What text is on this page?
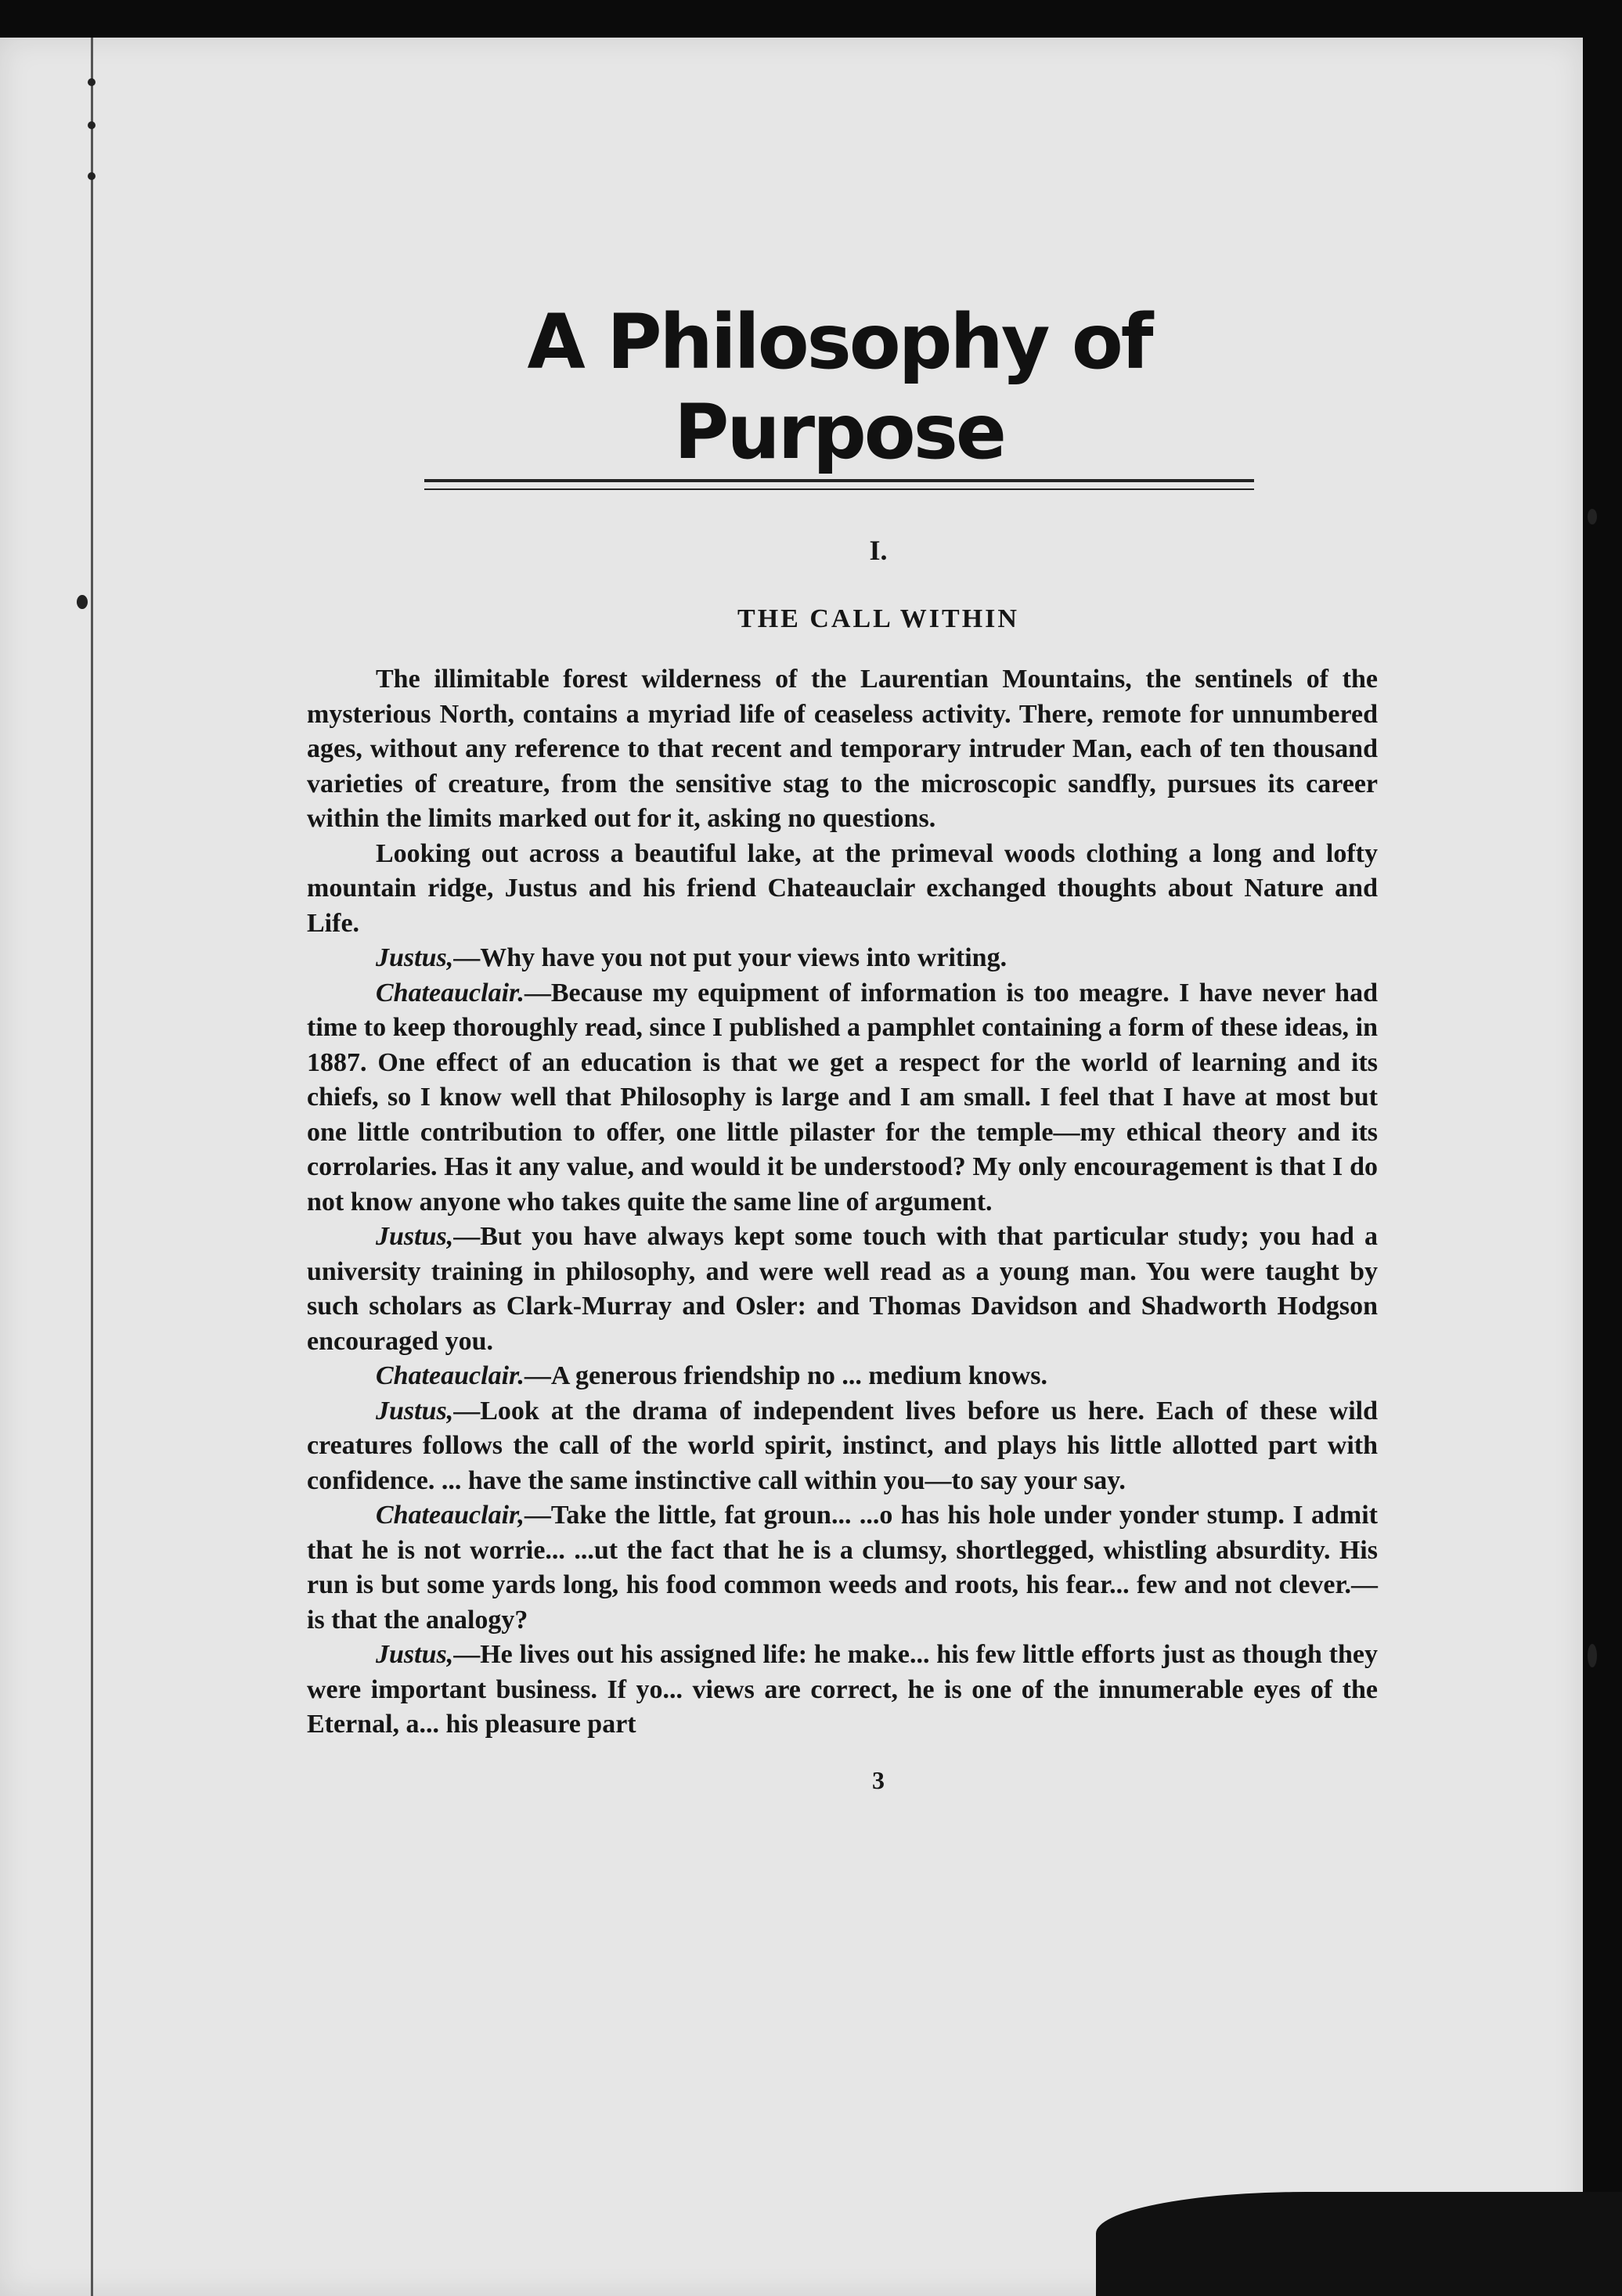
A Philosophy of Purpose
I.
THE CALL WITHIN

The illimitable forest wilderness of the Laurentian Mountains, the sentinels of the mysterious North, contains a myriad life of ceaseless activity. There, remote for unnumbered ages, without any reference to that recent and temporary intruder Man, each of ten thousand varieties of creature, from the sensitive stag to the microscopic sandfly, pursues its career within the limits marked out for it, asking no questions.

Looking out across a beautiful lake, at the primeval woods clothing a long and lofty mountain ridge, Justus and his friend Chateauclair exchanged thoughts about Nature and Life.

Justus,—Why have you not put your views into writing.

Chateauclair.—Because my equipment of information is too meagre. I have never had time to keep thoroughly read, since I published a pamphlet containing a form of these ideas, in 1887. One effect of an education is that we get a respect for the world of learning and its chiefs, so I know well that Philosophy is large and I am small. I feel that I have at most but one little contribution to offer, one little pilaster for the temple—my ethical theory and its corrolaries. Has it any value, and would it be understood? My only encouragement is that I do not know anyone who takes quite the same line of argument.

Justus,—But you have always kept some touch with that particular study; you had a university training in philosophy, and were well read as a young man. You were taught by such scholars as Clark-Murray and Osler: and Thomas Davidson and Shadworth Hodgson encouraged you.

Chateauclair.—A generous friendship no ... medium knows.

Justus,—Look at the drama of independent lives before us here. Each of these wild creatures follows the call of the world spirit, instinct, and plays his little allotted part with confidence. ... have the same instinctive call within you—to say your say.

Chateauclair,—Take the little, fat groun... ...o has his hole under yonder stump. I admit that he is not worrie... ...ut the fact that he is a clumsy, shortlegged, whistling absurdity. His run is but some yards long, his food common weeds and roots, his fear... few and not clever.— is that the analogy?

Justus,—He lives out his assigned life: he make... his few little efforts just as though they were important business. If yo... views are correct, he is one of the innumerable eyes of the Eternal, a... his pleasure part

3
